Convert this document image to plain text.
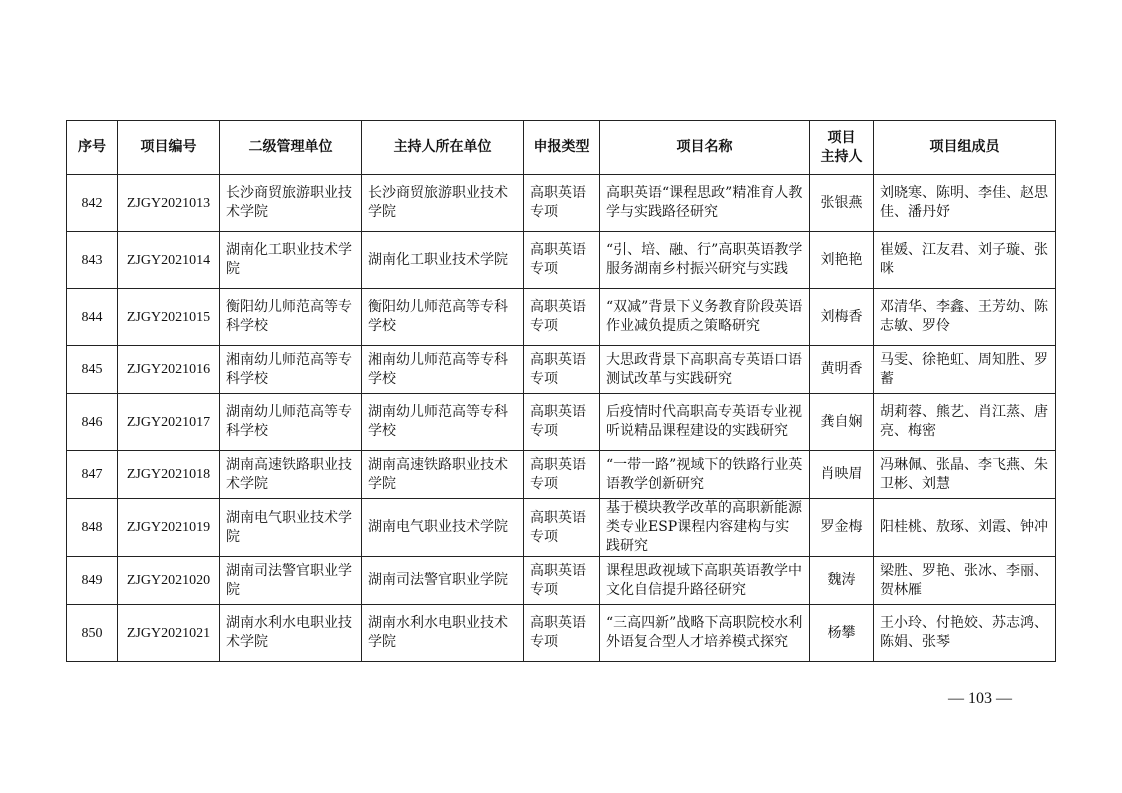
序号	项目编号	二级管理单位	主持人所在单位	申报类型	项目名称	项目
主持人	项目组成员
842	ZJGY2021013	长沙商贸旅游职业技术学院	长沙商贸旅游职业技术学院	高职英语专项	高职英语“课程思政”精准育人教学与实践路径研究	张银燕	刘晓寒、陈明、李佳、赵思佳、潘丹妤
843	ZJGY2021014	湖南化工职业技术学院	湖南化工职业技术学院	高职英语专项	“引、培、融、行”高职英语教学服务湖南乡村振兴研究与实践	刘艳艳	崔媛、江友君、刘子璇、张咪
844	ZJGY2021015	衡阳幼儿师范高等专科学校	衡阳幼儿师范高等专科学校	高职英语专项	“双减”背景下义务教育阶段英语作业减负提质之策略研究	刘梅香	邓清华、李鑫、王芳幼、陈志敏、罗伶
845	ZJGY2021016	湘南幼儿师范高等专科学校	湘南幼儿师范高等专科学校	高职英语专项	大思政背景下高职高专英语口语测试改革与实践研究	黄明香	马雯、徐艳虹、周知胜、罗蓄
846	ZJGY2021017	湖南幼儿师范高等专科学校	湖南幼儿师范高等专科学校	高职英语专项	后疫情时代高职高专英语专业视听说精品课程建设的实践研究	龚自娴	胡莉蓉、熊艺、肖江蒸、唐亮、梅密
847	ZJGY2021018	湖南高速铁路职业技术学院	湖南高速铁路职业技术学院	高职英语专项	“一带一路”视域下的铁路行业英语教学创新研究	肖映眉	冯琳佩、张晶、李飞燕、朱卫彬、刘慧
848	ZJGY2021019	湖南电气职业技术学院	湖南电气职业技术学院	高职英语专项	基于模块教学改革的高职新能源类专业ESP课程内容建构与实践研究	罗金梅	阳桂桃、敖琢、刘霞、钟冲
849	ZJGY2021020	湖南司法警官职业学院	湖南司法警官职业学院	高职英语专项	课程思政视域下高职英语教学中文化自信提升路径研究	魏涛	梁胜、罗艳、张冰、李丽、贺林雁
850	ZJGY2021021	湖南水利水电职业技术学院	湖南水利水电职业技术学院	高职英语专项	“三高四新”战略下高职院校水利外语复合型人才培养模式探究	杨攀	王小玲、付艳姣、苏志鸿、陈娟、张琴
— 103 —
